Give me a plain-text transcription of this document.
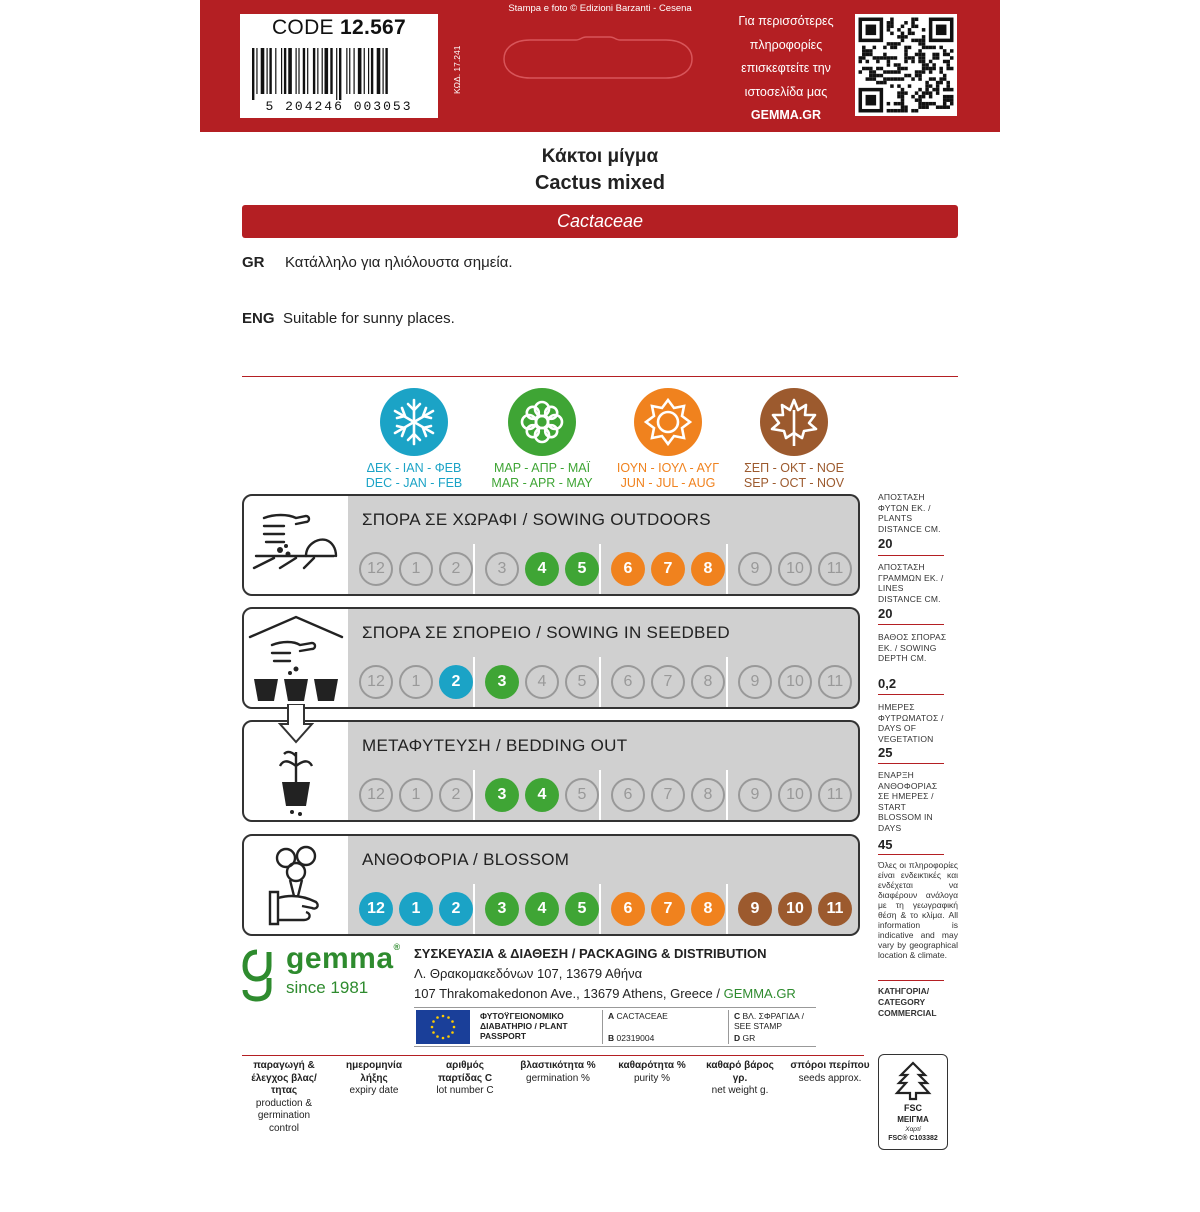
CODE 12.567
5 204246 003053
ΚΩΔ. 17.241
Stampa e foto © Edizioni Barzanti - Cesena
Για περισσότερες
πληροφορίες
επισκεφτείτε την
ιστοσελίδα μας
GEMMA.GR
Κάκτοι μίγμα
Cactus mixed
Cactaceae
GR Κατάλληλο για ηλιόλουστα σημεία.
ENG Suitable for sunny places.
ΔΕΚ - ΙΑΝ - ΦΕΒ
DEC - JAN - FEB
ΜΑΡ - ΑΠΡ - ΜΑΪ
MAR - APR - MAY
ΙΟΥΝ - ΙΟΥΛ - ΑΥΓ
JUN - JUL - AUG
ΣΕΠ - ΟΚΤ - ΝΟΕ
SEP - OCT - NOV
ΣΠΟΡΑ ΣΕ ΧΩΡΑΦΙ / SOWING OUTDOORS
12	1	2	3	4	5	6	7	8	9	10	11
ΣΠΟΡΑ ΣΕ ΣΠΟΡΕΙΟ / SOWING IN SEEDBED
12	1	2	3	4	5	6	7	8	9	10	11
ΜΕΤΑΦΥΤΕΥΣΗ / BEDDING OUT
12	1	2	3	4	5	6	7	8	9	10	11
ΑΝΘΟΦΟΡΙΑ / BLOSSOM
12	1	2	3	4	5	6	7	8	9	10	11
ΑΠΟΣΤΑΣΗ ΦΥΤΩΝ ΕΚ. / PLANTS DISTANCE CM.
20
ΑΠΟΣΤΑΣΗ ΓΡΑΜΜΩΝ ΕΚ. / LINES DISTANCE CM.
20
ΒΑΘΟΣ ΣΠΟΡΑΣ ΕΚ. / SOWING DEPTH CM.
0,2
ΗΜΕΡΕΣ ΦΥΤΡΩΜΑΤΟΣ / DAYS OF VEGETATION
25
ΕΝΑΡΞΗ ΑΝΘΟΦΟΡΙΑΣ ΣΕ ΗΜΕΡΕΣ / START BLOSSOM IN DAYS
45
Όλες οι πληροφορίες είναι ενδεικτικές και ενδέχεται να διαφέρουν ανάλογα με τη γεωγραφική θέση & το κλίμα. All information is indicative and may vary by geographical location & climate.
ΚΑΤΗΓΟΡΙΑ/ CATEGORY
COMMERCIAL
gemma®
since 1981
ΣΥΣΚΕΥΑΣΙΑ & ΔΙΑΘΕΣΗ / PACKAGING & DISTRIBUTION
Λ. Θρακομακεδόνων 107, 13679 Αθήνα
107 Thrakomakedonon Ave., 13679 Athens, Greece / GEMMA.GR
ΦΥΤΟΫΓΕΙΟΝΟΜΙΚΟ ΔΙΑΒΑΤΗΡΙΟ / PLANT PASSPORT
A CACTACEAE
B 02319004
C ΒΛ. ΣΦΡΑΓΙΔΑ / SEE STAMP
D GR
παραγωγή & έλεγχος βλας/τητας
production & germination control
ημερομηνία λήξης
expiry date
αριθμός παρτίδας C
lot number C
βλαστικότητα %
germination %
καθαρότητα %
purity %
καθαρό βάρος γρ.
net weight g.
σπόροι περίπου
seeds approx.
FSC
ΜΕΙΓΜΑ
Χαρτί
FSC® C103382
